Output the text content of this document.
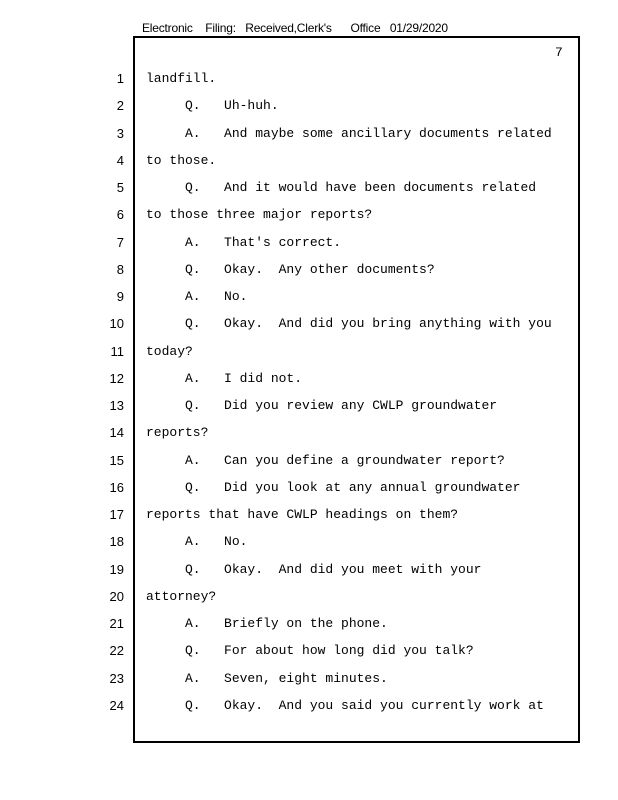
Electronic    Filing:   Received,Clerk's      Office   01/29/2020
7
1
2
3
4
5
6
7
8
9
10
11
12
13
14
15
16
17
18
19
20
21
22
23
24
landfill.
Q.   Uh-huh.
A.   And maybe some ancillary documents related
to those.
Q.   And it would have been documents related
to those three major reports?
A.   That's correct.
Q.   Okay.  Any other documents?
A.   No.
Q.   Okay.  And did you bring anything with you
today?
A.   I did not.
Q.   Did you review any CWLP groundwater
reports?
A.   Can you define a groundwater report?
Q.   Did you look at any annual groundwater
reports that have CWLP headings on them?
A.   No.
Q.   Okay.  And did you meet with your
attorney?
A.   Briefly on the phone.
Q.   For about how long did you talk?
A.   Seven, eight minutes.
Q.   Okay.  And you said you currently work at
